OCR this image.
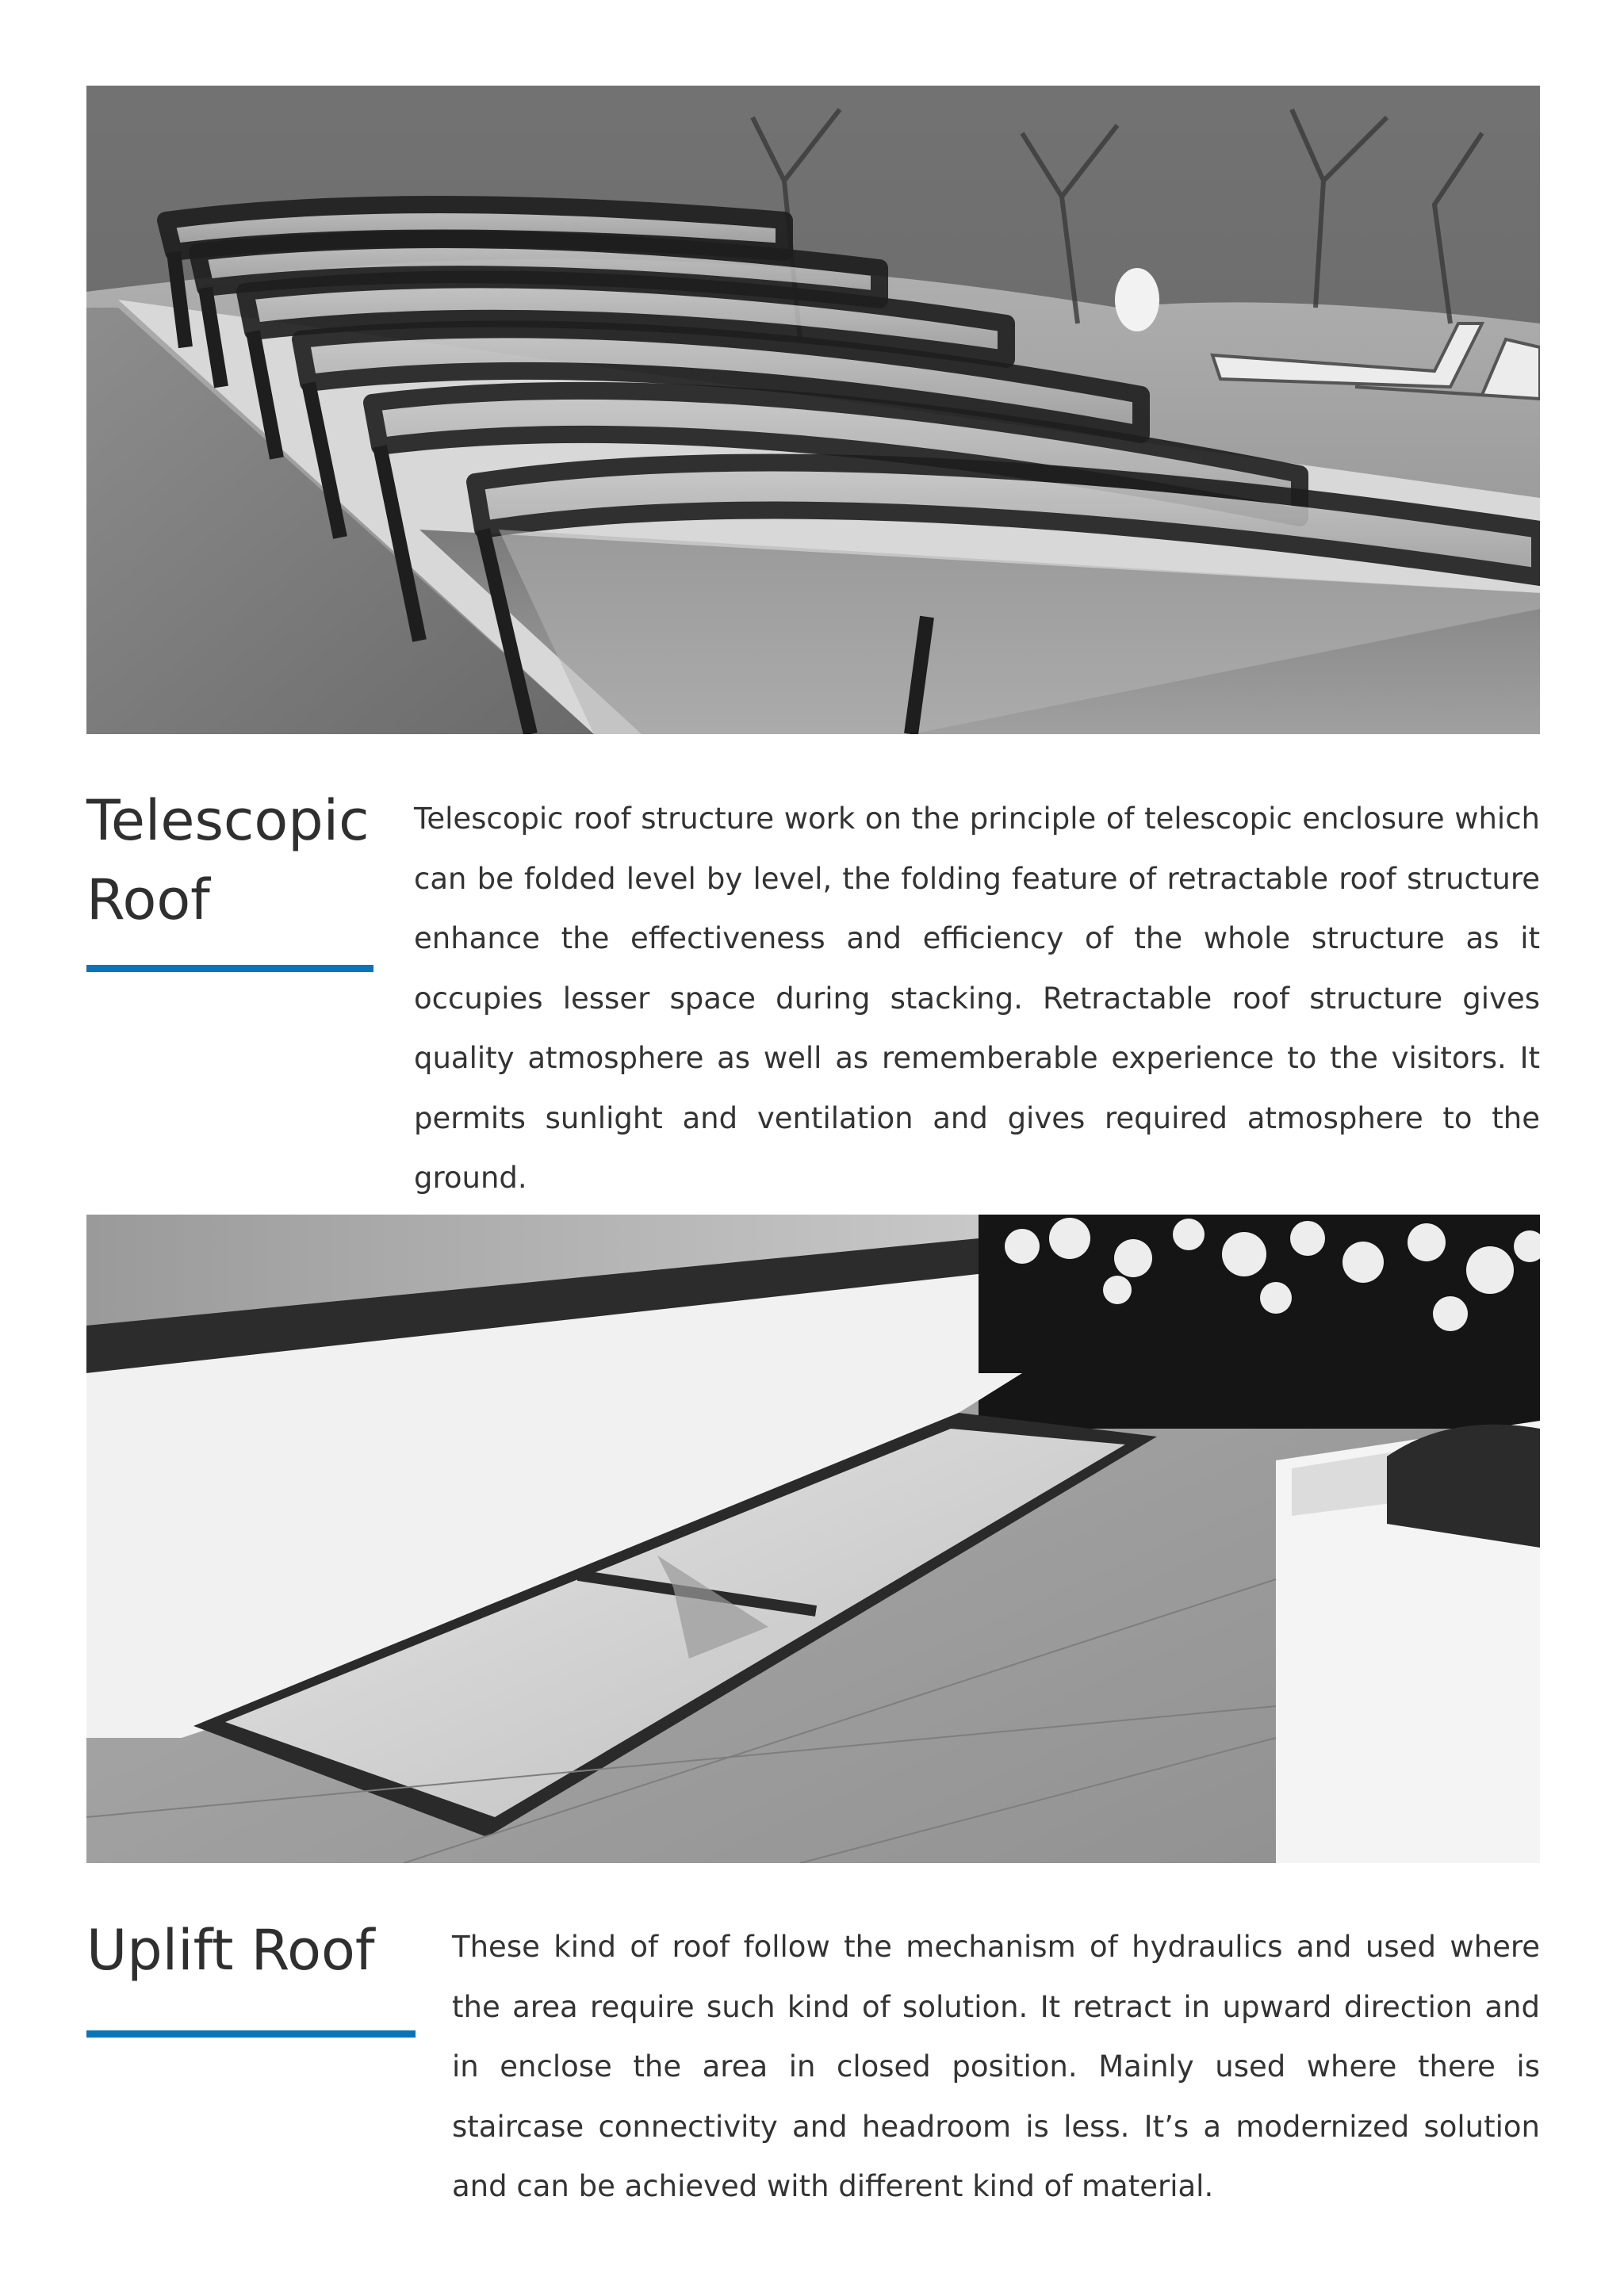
Telescopic Roof

Telescopic roof structure work on the principle of telescopic enclosure which can be folded level by level, the folding feature of retractable roof structure enhance the effectiveness and efficiency of the whole structure as it occupies lesser space during stacking. Retractable roof structure gives quality atmosphere as well as rememberable experience to the visitors. It permits sunlight and ventilation and gives required atmosphere to the ground.

Uplift Roof	These kind of roof follow the mechanism of hydraulics and used where the area require such kind of solution. It retract in upward direction and in enclose the area in closed position. Mainly used where there is staircase connectivity and headroom is less. It’s a modernized solution and can be achieved with different kind of material.
